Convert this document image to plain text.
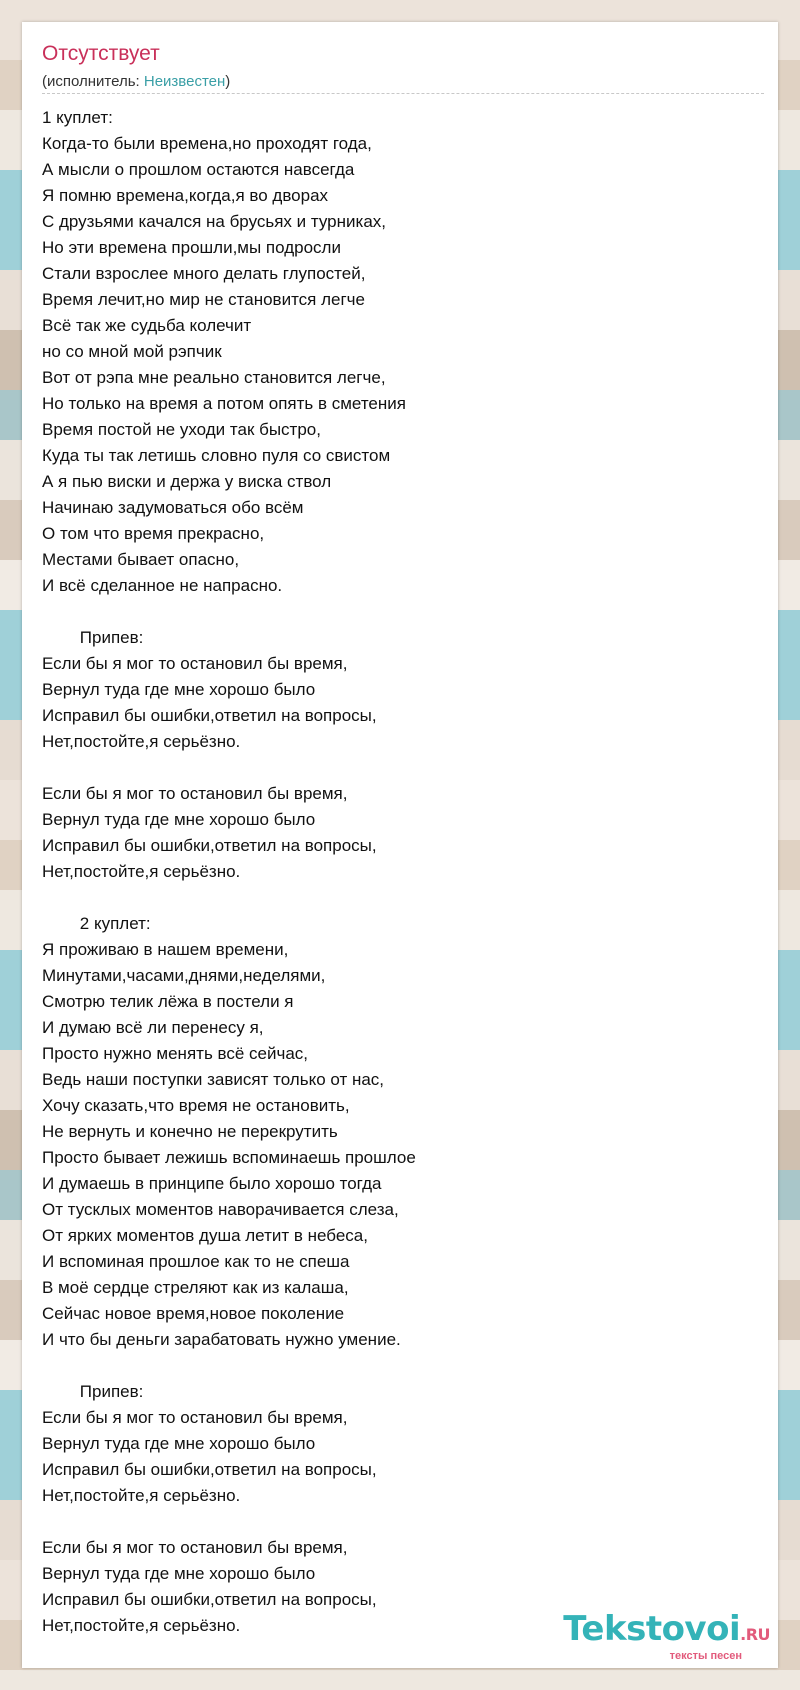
Отсутствует
(исполнитель: Неизвестен)
1 куплет:
Когда-то были времена,но проходят года,
А мысли о прошлом остаются навсегда
Я помню времена,когда,я во дворах
С друзьями качался на брусьях и турниках,
Но эти времена прошли,мы подросли
Стали взрослее много делать глупостей,
Время лечит,но мир не становится легче
Всё так же судьба колечит
но со мной мой рэпчик
Вот от рэпа мне реально становится легче,
Но только на время а потом опять в сметения
Время постой не уходи так быстро,
Куда ты так летишь словно пуля со свистом
А я пью виски и держа у виска ствол
Начинаю задумоваться обо всём
О том что время прекрасно,
Местами бывает опасно,
И всё сделанное не напрасно.
Припев:
Если бы я мог то остановил бы время,
Вернул туда где мне хорошо было
Исправил бы ошибки,ответил на вопросы,
Нет,постойте,я серьёзно.
Если бы я мог то остановил бы время,
Вернул туда где мне хорошо было
Исправил бы ошибки,ответил на вопросы,
Нет,постойте,я серьёзно.
2 куплет:
Я проживаю в нашем времени,
Минутами,часами,днями,неделями,
Смотрю телик лёжа в постели я
И думаю всё ли перенесу я,
Просто нужно менять всё сейчас,
Ведь наши поступки зависят только от нас,
Хочу сказать,что время не остановить,
Не вернуть и конечно не перекрутить
Просто бывает лежишь вспоминаешь прошлое
И думаешь в принципе было хорошо тогда
От тусклых моментов наворачивается слеза,
От ярких моментов душа летит в небеса,
И вспоминая прошлое как то не спеша
В моё сердце стреляют как из калаша,
Сейчас новое время,новое поколение
И что бы деньги зарабатовать нужно умение.
Припев:
Если бы я мог то остановил бы время,
Вернул туда где мне хорошо было
Исправил бы ошибки,ответил на вопросы,
Нет,постойте,я серьёзно.
Если бы я мог то остановил бы время,
Вернул туда где мне хорошо было
Исправил бы ошибки,ответил на вопросы,
Нет,постойте,я серьёзно.	Tekstovoi.RU
тексты песен
